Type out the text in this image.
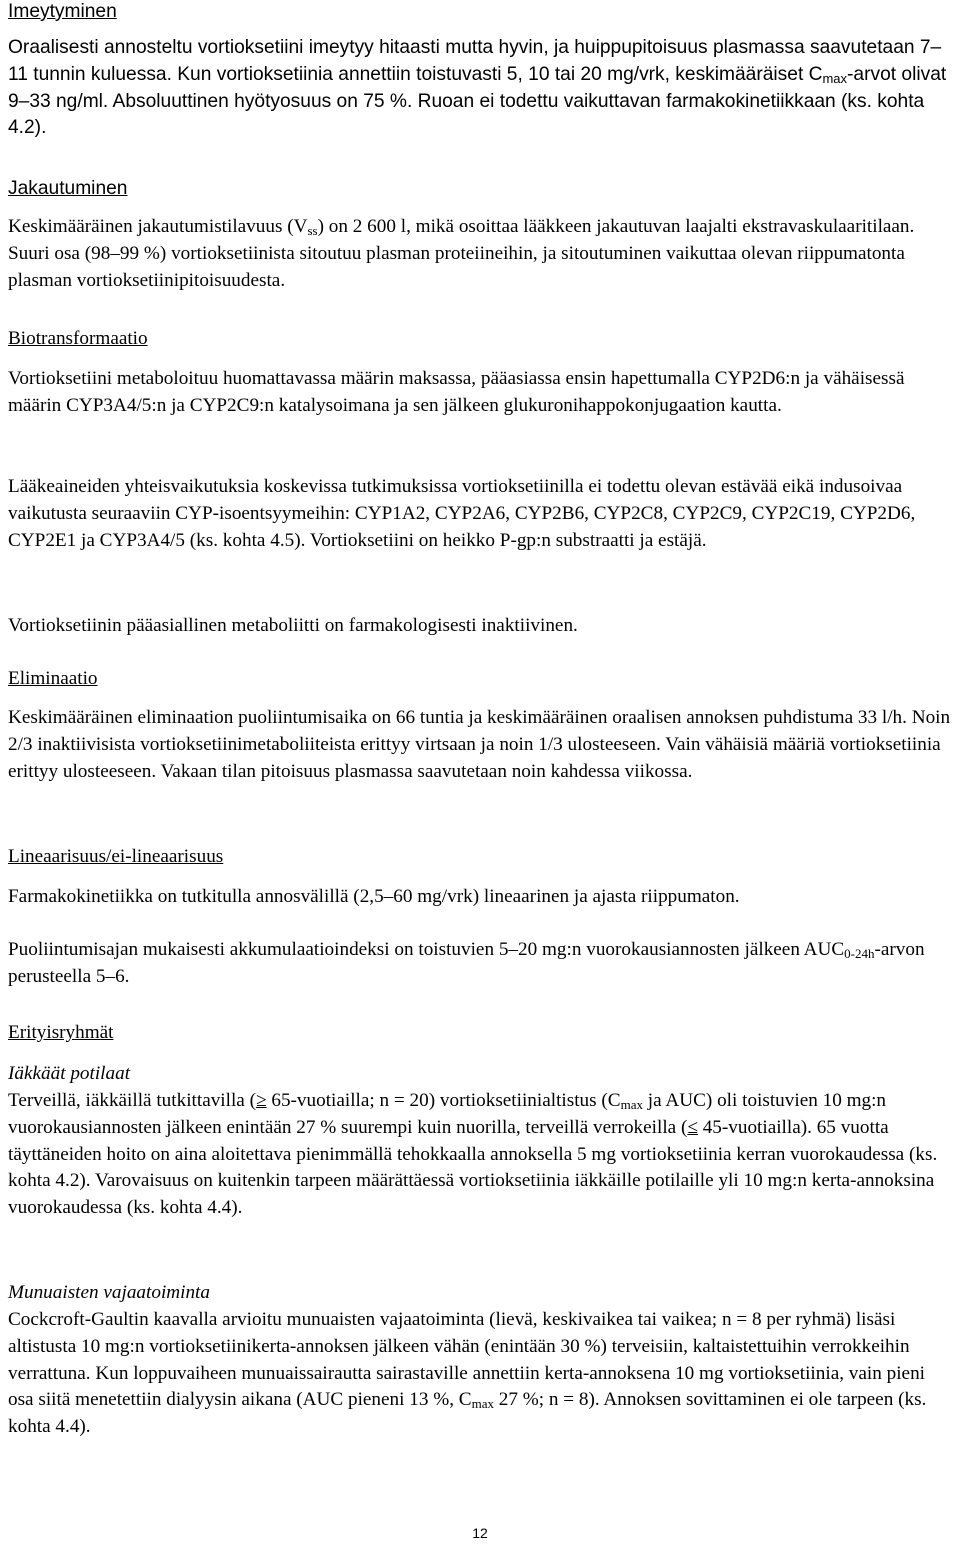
Imeytyminen

Oraalisesti annosteltu vortioksetiini imeytyy hitaasti mutta hyvin, ja huippupitoisuus plasmassa saavutetaan 7–11 tunnin kuluessa. Kun vortioksetiinia annettiin toistuvasti 5, 10 tai 20 mg/vrk, keskimääräiset $C_{max}$-arvot olivat 9–33 ng/ml. Absoluuttinen hyötyosuus on 75 %. Ruoan ei todettu vaikuttavan farmakokinetiikkaan (ks. kohta 4.2).

Jakautuminen

Keskimääräinen jakautumistilavuus $(V_{ss})$ on 2 600 l, mikä osoittaa lääkkeen jakautuvan laajalti ekstravaskulaaritilaan. Suuri osa (98–99 %) vortioksetiinista sitoutuu plasman proteiineihin, ja sitoutuminen vaikuttaa olevan riippumatonta plasman vortioksetiinipitoisuudesta.

Biotransformaatio

Vortioksetiini metaboloituu huomattavassa määrin maksassa, pääasiassa ensin hapettumalla CYP2D6:n ja vähäisessä määrin CYP3A4/5:n ja CYP2C9:n katalysoimana ja sen jälkeen glukuronihappokonjugaation kautta.

Lääkeaineiden yhteisvaikutuksia koskevissa tutkimuksissa vortioksetiinilla ei todettu olevan estävää eikä indusoivaa vaikutusta seuraaviin CYP-isoentsyymeihin: CYP1A2, CYP2A6, CYP2B6, CYP2C8, CYP2C9, CYP2C19, CYP2D6, CYP2E1 ja CYP3A4/5 (ks. kohta 4.5). Vortioksetiini on heikko P-gp:n substraatti ja estäjä.

Vortioksetiinin pääasiallinen metaboliitti on farmakologisesti inaktiivinen.

Eliminaatio

Keskimääräinen eliminaation puoliintumisaika on 66 tuntia ja keskimääräinen oraalisen annoksen puhdistuma 33 l/h. Noin 2/3 inaktiivisista vortioksetiinimetaboliiteista erittyy virtsaan ja noin 1/3 ulosteeseen. Vain vähäisiä määriä vortioksetiinia erittyy ulosteeseen. Vakaan tilan pitoisuus plasmassa saavutetaan noin kahdessa viikossa.

Lineaarisuus/ei-lineaarisuus

Farmakokinetiikka on tutkitulla annosvälillä (2,5–60 mg/vrk) lineaarinen ja ajasta riippumaton.

Puoliintumisajan mukaisesti akkumulaatioindeksi on toistuvien 5–20 mg:n vuorokausiannosten jälkeen $AUC_{0-24h}$-arvon perusteella 5–6.

Erityisryhmät
Iäkkäät potilaat

Terveillä, iäkkäillä tutkittavilla (≥ 65-vuotiailla; n = 20) vortioksetiinialtistus ($C_{max}$ ja AUC) oli toistuvien 10 mg:n vuorokausiannosten jälkeen enintään 27 % suurempi kuin nuorilla, terveillä verrokeilla (≤ 45-vuotiailla). 65 vuotta täyttäneiden hoito on aina aloitettava pienimmällä tehokkaalla annoksella 5 mg vortioksetiinia kerran vuorokaudessa (ks. kohta 4.2). Varovaisuus on kuitenkin tarpeen määrättäessä vortioksetiinia iäkkäille potilaille yli 10 mg:n kerta-annoksina vuorokaudessa (ks. kohta 4.4).

Munuaisten vajaatoiminta

Cockcroft-Gaultin kaavalla arvioitu munuaisten vajaatoiminta (lievä, keskivaikea tai vaikea; n = 8 per ryhmä) lisäsi altistusta 10 mg:n vortioksetiinikerta-annoksen jälkeen vähän (enintään 30 %) terveisiin, kaltaistettuihin verrokkeihin verrattuna. Kun loppuvaiheen munuaissairautta sairastaville annettiin kerta-annoksena 10 mg vortioksetiinia, vain pieni osa siitä menetettiin dialyysin aikana (AUC pieneni 13 %, $C_{max}$ 27 %; n = 8). Annoksen sovittaminen ei ole tarpeen (ks. kohta 4.4).

12
